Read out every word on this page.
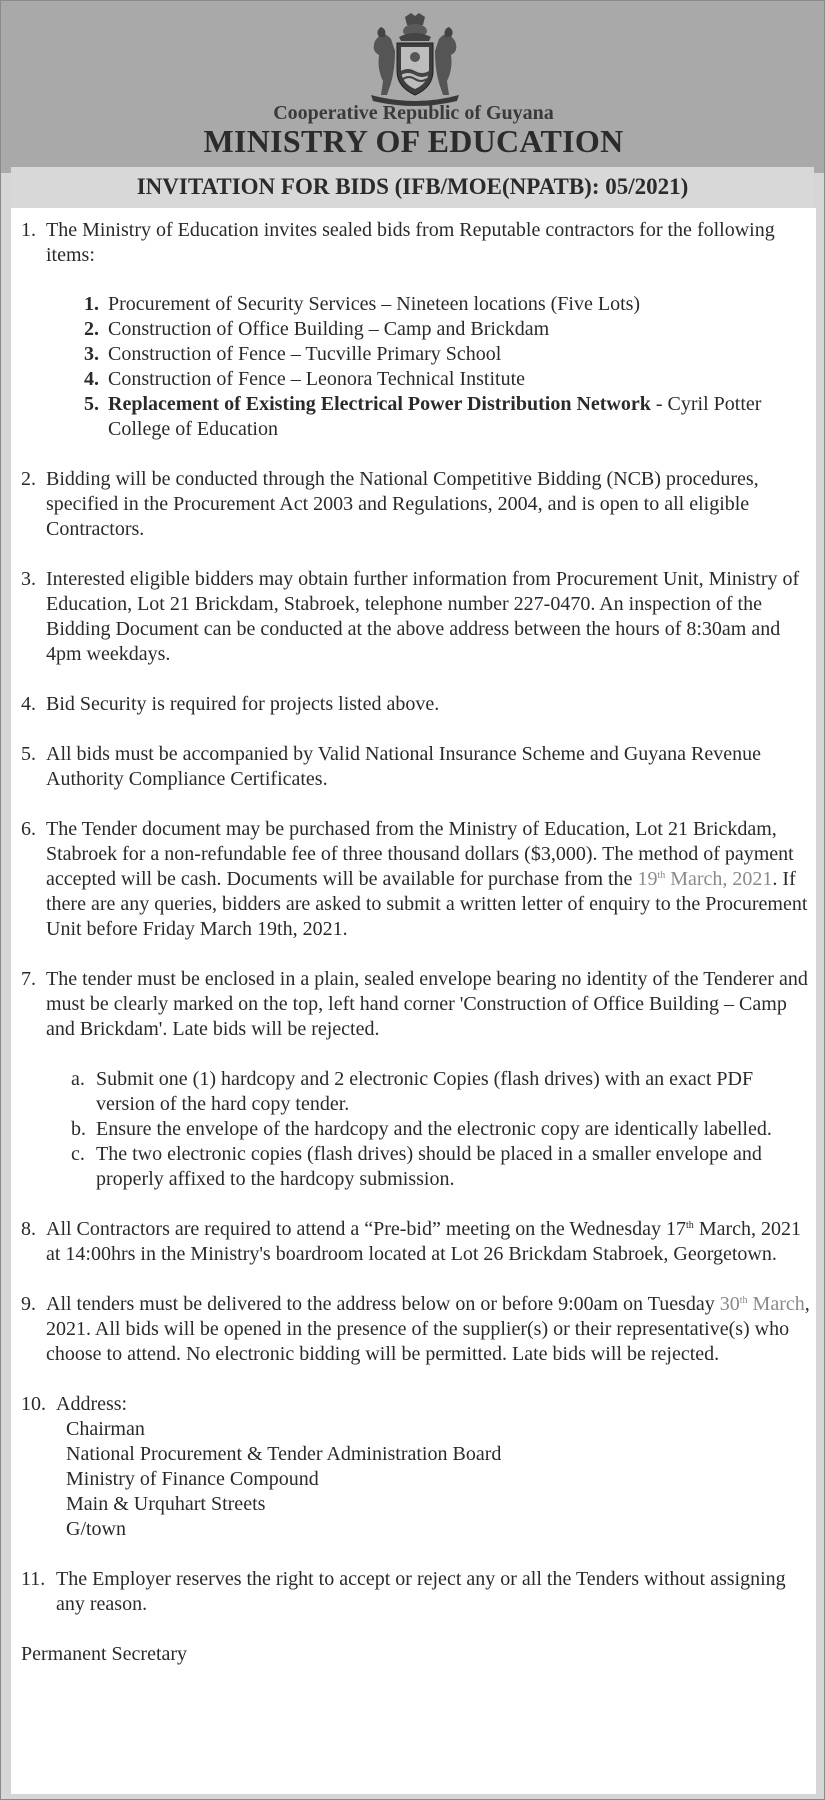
Cooperative Republic of Guyana
MINISTRY OF EDUCATION
INVITATION FOR BIDS (IFB/MOE(NPATB): 05/2021)
1. The Ministry of Education invites sealed bids from Reputable contractors for the following items:
1. Procurement of Security Services – Nineteen locations (Five Lots)
2. Construction of Office Building – Camp and Brickdam
3. Construction of Fence – Tucville Primary School
4. Construction of Fence – Leonora Technical Institute
5. Replacement of Existing Electrical Power Distribution Network - Cyril Potter College of Education
2. Bidding will be conducted through the National Competitive Bidding (NCB) procedures, specified in the Procurement Act 2003 and Regulations, 2004, and is open to all eligible Contractors.
3. Interested eligible bidders may obtain further information from Procurement Unit, Ministry of Education, Lot 21 Brickdam, Stabroek, telephone number 227-0470. An inspection of the Bidding Document can be conducted at the above address between the hours of 8:30am and 4pm weekdays.
4. Bid Security is required for projects listed above.
5. All bids must be accompanied by Valid National Insurance Scheme and Guyana Revenue Authority Compliance Certificates.
6. The Tender document may be purchased from the Ministry of Education, Lot 21 Brickdam, Stabroek for a non-refundable fee of three thousand dollars ($3,000). The method of payment accepted will be cash. Documents will be available for purchase from the 19th March, 2021. If there are any queries, bidders are asked to submit a written letter of enquiry to the Procurement Unit before Friday March 19th, 2021.
7. The tender must be enclosed in a plain, sealed envelope bearing no identity of the Tenderer and must be clearly marked on the top, left hand corner 'Construction of Office Building – Camp and Brickdam'. Late bids will be rejected.
a. Submit one (1) hardcopy and 2 electronic Copies (flash drives) with an exact PDF version of the hard copy tender.
b. Ensure the envelope of the hardcopy and the electronic copy are identically labelled.
c. The two electronic copies (flash drives) should be placed in a smaller envelope and properly affixed to the hardcopy submission.
8. All Contractors are required to attend a “Pre-bid” meeting on the Wednesday 17th March, 2021 at 14:00hrs in the Ministry's boardroom located at Lot 26 Brickdam Stabroek, Georgetown.
9. All tenders must be delivered to the address below on or before 9:00am on Tuesday 30th March, 2021. All bids will be opened in the presence of the supplier(s) or their representative(s) who choose to attend. No electronic bidding will be permitted. Late bids will be rejected.
10. Address:
Chairman
National Procurement & Tender Administration Board
Ministry of Finance Compound
Main & Urquhart Streets
G/town
11. The Employer reserves the right to accept or reject any or all the Tenders without assigning any reason.
Permanent Secretary
